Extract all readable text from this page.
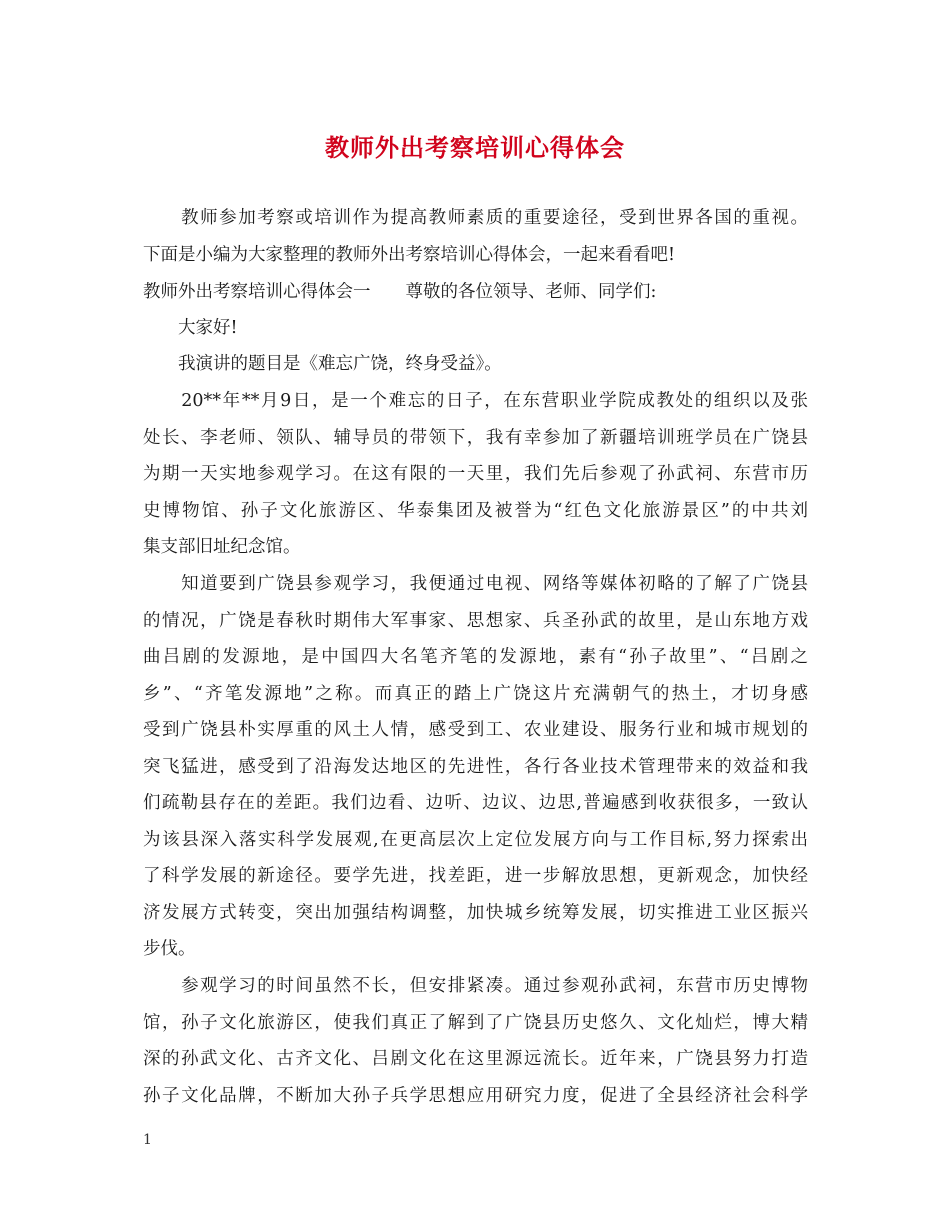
教师外出考察培训心得体会

　　教师参加考察或培训作为提高教师素质的重要途径，受到世界各国的重视。

下面是小编为大家整理的教师外出考察培训心得体会，一起来看看吧!

教师外出考察培训心得体会一　　尊敬的各位领导、老师、同学们:

　　大家好!

　　我演讲的题目是《难忘广饶，终身受益》。

　　20**年**月9日，是一个难忘的日子，在东营职业学院成教处的组织以及张

处长、李老师、领队、辅导员的带领下，我有幸参加了新疆培训班学员在广饶县

为期一天实地参观学习。在这有限的一天里，我们先后参观了孙武祠、东营市历

史博物馆、孙子文化旅游区、华泰集团及被誉为“红色文化旅游景区”的中共刘

集支部旧址纪念馆。

　　知道要到广饶县参观学习，我便通过电视、网络等媒体初略的了解了广饶县

的情况，广饶是春秋时期伟大军事家、思想家、兵圣孙武的故里，是山东地方戏

曲吕剧的发源地，是中国四大名笔齐笔的发源地，素有“孙子故里”、“吕剧之

乡”、“齐笔发源地”之称。而真正的踏上广饶这片充满朝气的热土，才切身感

受到广饶县朴实厚重的风土人情，感受到工、农业建设、服务行业和城市规划的

突飞猛进，感受到了沿海发达地区的先进性，各行各业技术管理带来的效益和我

们疏勒县存在的差距。我们边看、边听、边议、边思,普遍感到收获很多，一致认

为该县深入落实科学发展观,在更高层次上定位发展方向与工作目标,努力探索出

了科学发展的新途径。要学先进，找差距，进一步解放思想，更新观念，加快经

济发展方式转变，突出加强结构调整，加快城乡统筹发展，切实推进工业区振兴

步伐。

　　参观学习的时间虽然不长，但安排紧凑。通过参观孙武祠，东营市历史博物

馆，孙子文化旅游区，使我们真正了解到了广饶县历史悠久、文化灿烂，博大精

深的孙武文化、古齐文化、吕剧文化在这里源远流长。近年来，广饶县努力打造

孙子文化品牌，不断加大孙子兵学思想应用研究力度，促进了全县经济社会科学

1
